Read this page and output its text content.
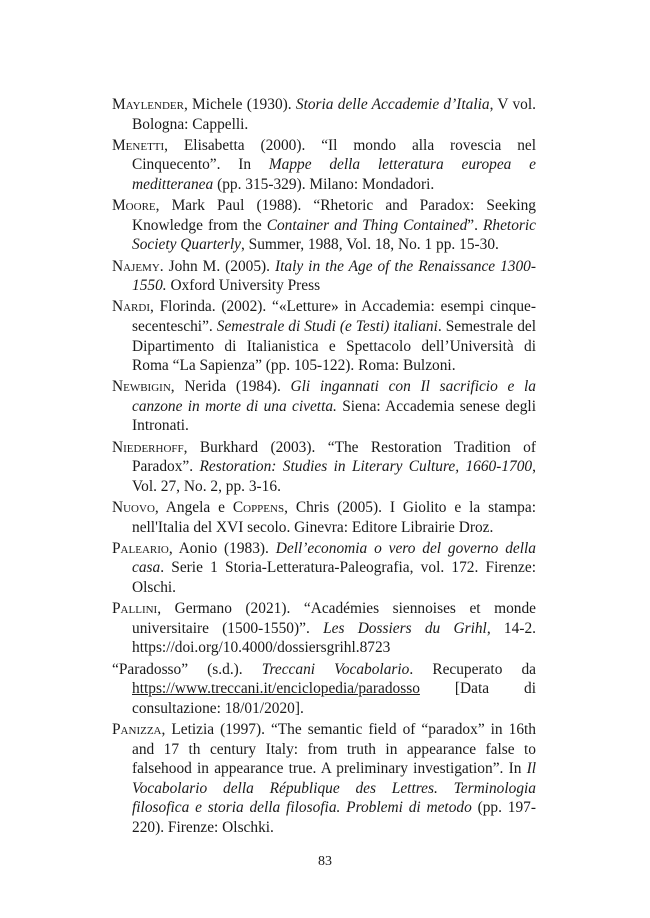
Maylender, Michele (1930). Storia delle Accademie d’Italia, V vol. Bologna: Cappelli.

Menetti, Elisabetta (2000). “Il mondo alla rovescia nel Cinquecento”. In Mappe della letteratura europea e meditteranea (pp. 315-329). Milano: Mondadori.

Moore, Mark Paul (1988). “Rhetoric and Paradox: Seeking Knowledge from the Container and Thing Contained”. Rhetoric Society Quarterly, Summer, 1988, Vol. 18, No. 1 pp. 15-30.

Najemy. John M. (2005). Italy in the Age of the Renaissance 1300-1550. Oxford University Press

Nardi, Florinda. (2002). “«Letture» in Accademia: esempi cinque-secenteschi”. Semestrale di Studi (e Testi) italiani. Semestrale del Dipartimento di Italianistica e Spettacolo dell’Università di Roma “La Sapienza” (pp. 105-122). Roma: Bulzoni.

Newbigin, Nerida (1984). Gli ingannati con Il sacrificio e la canzone in morte di una civetta. Siena: Accademia senese degli Intronati.

Niederhoff, Burkhard (2003). “The Restoration Tradition of Paradox”. Restoration: Studies in Literary Culture, 1660-1700, Vol. 27, No. 2, pp. 3-16.

Nuovo, Angela e Coppens, Chris (2005). I Giolito e la stampa: nell'Italia del XVI secolo. Ginevra: Editore Librairie Droz.

Paleario, Aonio (1983). Dell’economia o vero del governo della casa. Serie 1 Storia-Letteratura-Paleografia, vol. 172. Firenze: Olschi.

Pallini, Germano (2021). “Académies siennoises et monde universitaire (1500-1550)”. Les Dossiers du Grihl, 14-2. https://doi.org/10.4000/dossiersgrihl.8723

“Paradosso” (s.d.). Treccani Vocabolario. Recuperato da https://www.treccani.it/enciclopedia/paradosso [Data di consultazione: 18/01/2020].

Panizza, Letizia (1997). “The semantic field of “paradox” in 16th and 17 th century Italy: from truth in appearance false to falsehood in appearance true. A preliminary investigation”. In Il Vocabolario della République des Lettres. Terminologia filosofica e storia della filosofia. Problemi di metodo (pp. 197-220). Firenze: Olschki.

83
